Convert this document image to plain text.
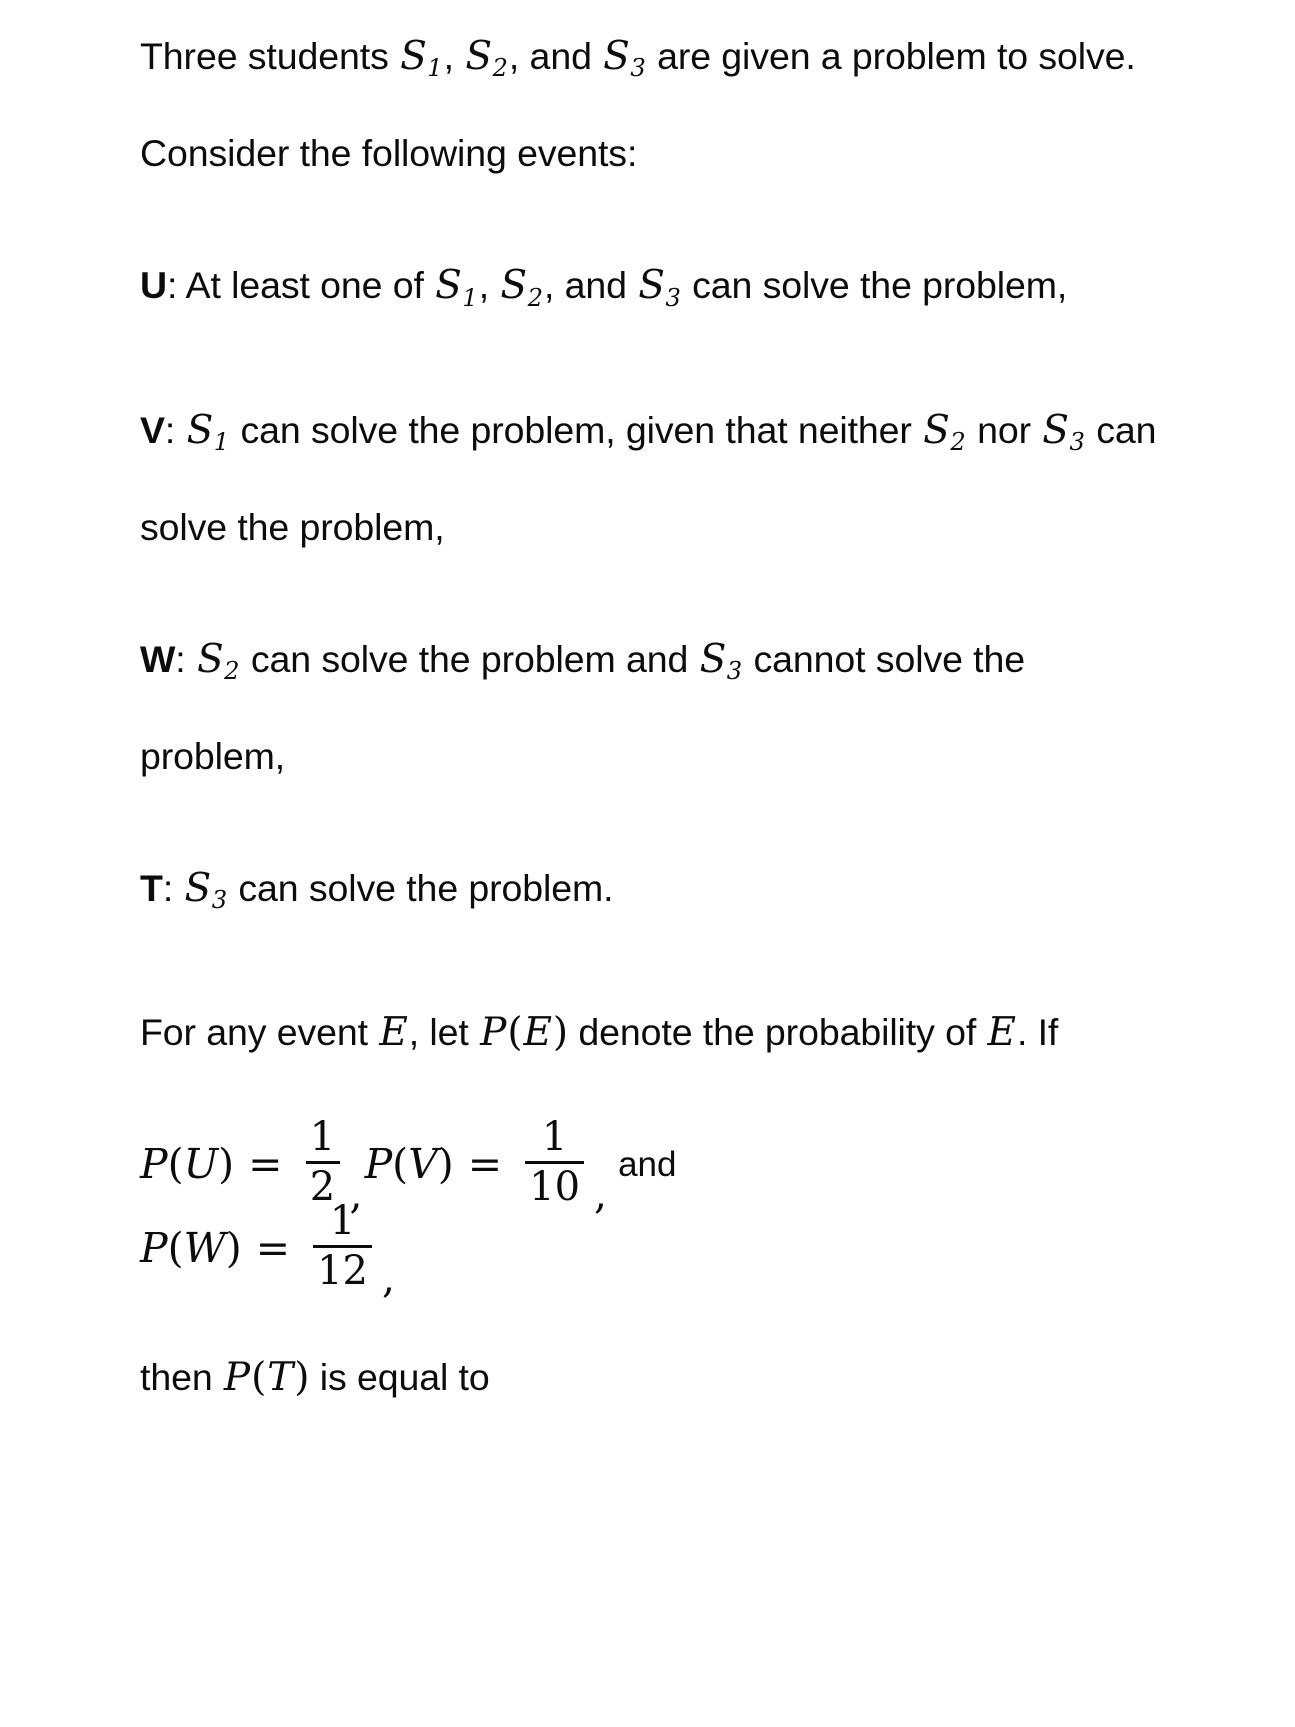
Three students $S_1$, $S_2$, and $S_3$ are given a problem to solve. Consider the following events:

U: At least one of $S_1$, $S_2$, and $S_3$ can solve the problem,

V: $S_1$ can solve the problem, given that neither $S_2$ nor $S_3$ can solve the problem,

W: $S_2$ can solve the problem and $S_3$ cannot solve the problem,

T: $S_3$ can solve the problem.

For any event E, let P(E) denote the probability of E. If

P ( U ) = $\frac{1}{2}$ ,
P ( V ) = $\frac{1}{10}$ ,
and
P ( W ) = $\frac{1}{12}$ ,

then P(T) is equal to
